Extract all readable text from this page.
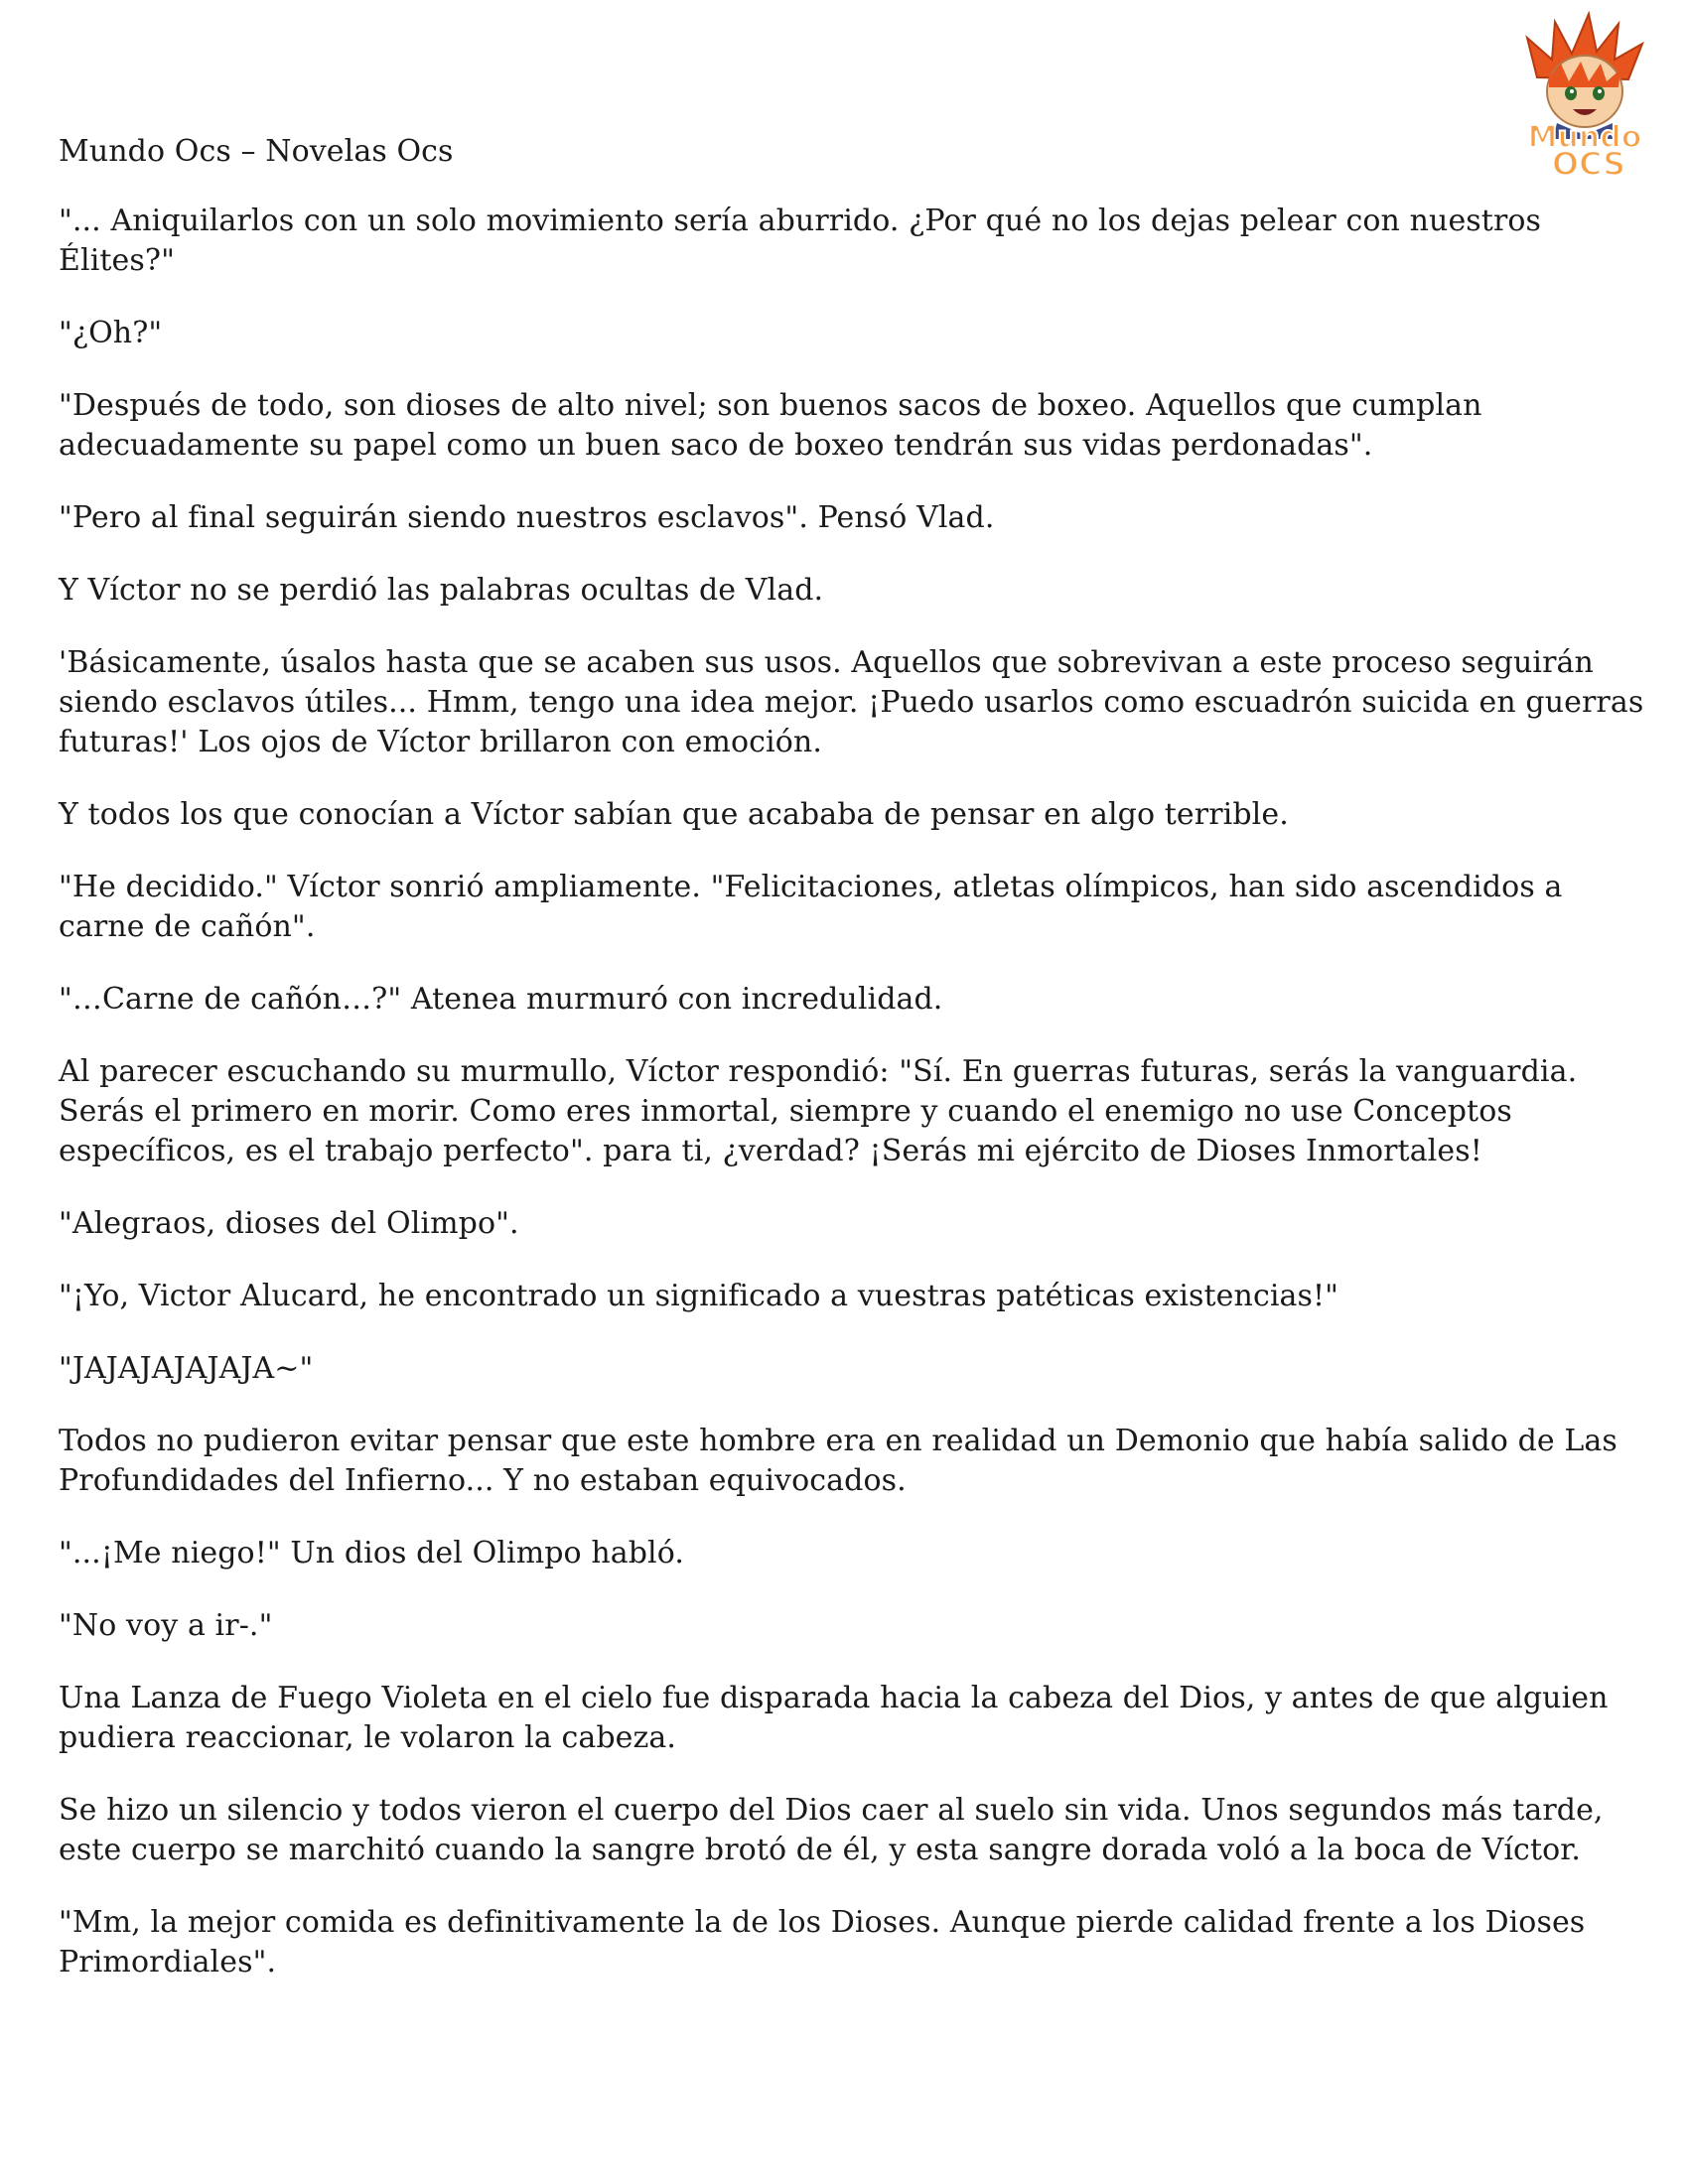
Mundo
OCS
Mundo Ocs – Novelas Ocs

"... Aniquilarlos con un solo movimiento sería aburrido. ¿Por qué no los dejas pelear con nuestros Élites?"

"¿Oh?"

"Después de todo, son dioses de alto nivel; son buenos sacos de boxeo. Aquellos que cumplan adecuadamente su papel como un buen saco de boxeo tendrán sus vidas perdonadas".

"Pero al final seguirán siendo nuestros esclavos". Pensó Vlad.

Y Víctor no se perdió las palabras ocultas de Vlad.

'Básicamente, úsalos hasta que se acaben sus usos. Aquellos que sobrevivan a este proceso seguirán siendo esclavos útiles... Hmm, tengo una idea mejor. ¡Puedo usarlos como escuadrón suicida en guerras futuras!' Los ojos de Víctor brillaron con emoción.

Y todos los que conocían a Víctor sabían que acababa de pensar en algo terrible.

"He decidido." Víctor sonrió ampliamente. "Felicitaciones, atletas olímpicos, han sido ascendidos a carne de cañón".

"…Carne de cañón…?" Atenea murmuró con incredulidad.

Al parecer escuchando su murmullo, Víctor respondió: "Sí. En guerras futuras, serás la vanguardia. Serás el primero en morir. Como eres inmortal, siempre y cuando el enemigo no use Conceptos específicos, es el trabajo perfecto". para ti, ¿verdad? ¡Serás mi ejército de Dioses Inmortales!

"Alegraos, dioses del Olimpo".

"¡Yo, Victor Alucard, he encontrado un significado a vuestras patéticas existencias!"

"JAJAJAJAJAJA~"

Todos no pudieron evitar pensar que este hombre era en realidad un Demonio que había salido de Las Profundidades del Infierno... Y no estaban equivocados.

"...¡Me niego!" Un dios del Olimpo habló.

"No voy a ir-."

Una Lanza de Fuego Violeta en el cielo fue disparada hacia la cabeza del Dios, y antes de que alguien pudiera reaccionar, le volaron la cabeza.

Se hizo un silencio y todos vieron el cuerpo del Dios caer al suelo sin vida. Unos segundos más tarde, este cuerpo se marchitó cuando la sangre brotó de él, y esta sangre dorada voló a la boca de Víctor.

"Mm, la mejor comida es definitivamente la de los Dioses. Aunque pierde calidad frente a los Dioses Primordiales".
